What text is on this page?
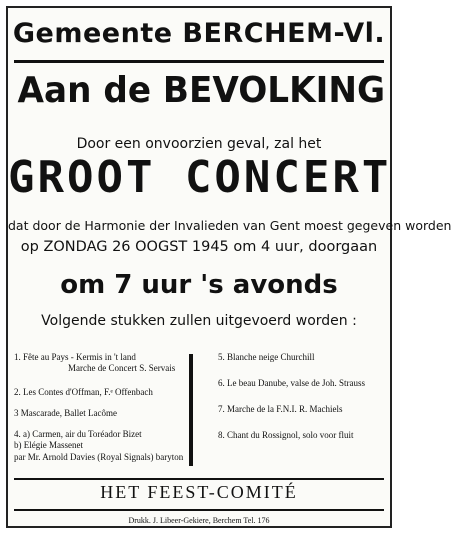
Gemeente BERCHEM-Vl.
Aan de BEVOLKING
Door een onvoorzien geval, zal het
GROOT CONCERT
dat door de Harmonie der Invalieden van Gent moest gegeven worden
op ZONDAG 26 OOGST 1945 om 4 uur, doorgaan
om 7 uur 's avonds
Volgende stukken zullen uitgevoerd worden :
1. Fête au Pays - Kermis in 't land
Marche de Concert S. Servais
2. Les Contes d'Offman, F.ᵉ Offenbach
3 Mascarade, Ballet Lacôme
4. a) Carmen, air du Toréador Bizet
b) Elégie Massenet
par Mr. Arnold Davies (Royal Signals) baryton
5. Blanche neige Churchill
6. Le beau Danube, valse de Joh. Strauss
7. Marche de la F.N.I. R. Machiels
8. Chant du Rossignol, solo voor fluit
HET FEEST-COMITÉ
Drukk. J. Libeer-Gekiere, Berchem Tel. 176
